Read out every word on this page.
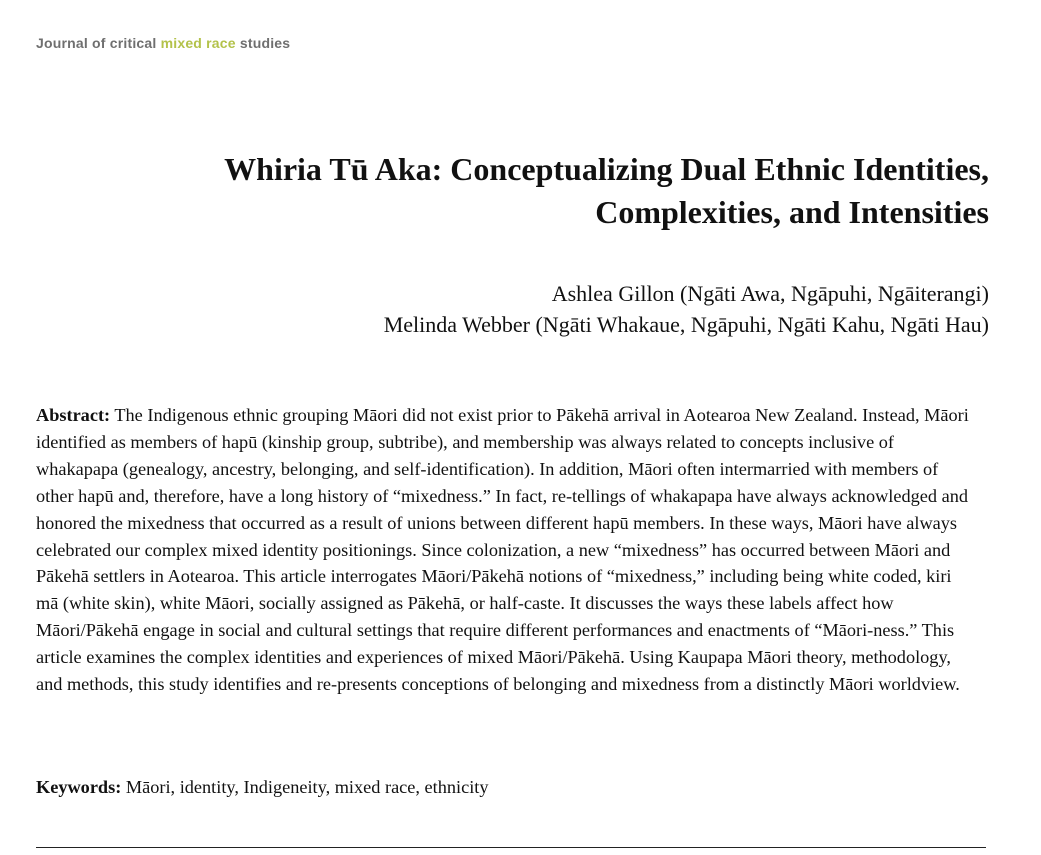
Journal of critical mixed race studies
Whiria Tū Aka: Conceptualizing Dual Ethnic Identities,
Complexities, and Intensities
Ashlea Gillon (Ngāti Awa, Ngāpuhi, Ngāiterangi)
Melinda Webber (Ngāti Whakaue, Ngāpuhi, Ngāti Kahu, Ngāti Hau)

Abstract: The Indigenous ethnic grouping Māori did not exist prior to Pākehā arrival in Aotearoa New Zealand. Instead, Māori identified as members of hapū (kinship group, subtribe), and membership was always related to concepts inclusive of whakapapa (genealogy, ancestry, belonging, and self-identification). In addition, Māori often intermarried with members of other hapū and, therefore, have a long history of “mixedness.” In fact, re-tellings of whakapapa have always acknowledged and honored the mixedness that occurred as a result of unions between different hapū members. In these ways, Māori have always celebrated our complex mixed identity positionings. Since colonization, a new “mixedness” has occurred between Māori and Pākehā settlers in Aotearoa. This article interrogates Māori/Pākehā notions of “mixedness,” including being white coded, kiri mā (white skin), white Māori, socially assigned as Pākehā, or half-caste. It discusses the ways these labels affect how Māori/Pākehā engage in social and cultural settings that require different performances and enactments of “Māori-ness.” This article examines the complex identities and experiences of mixed Māori/Pākehā. Using Kaupapa Māori theory, methodology, and methods, this study identifies and re-presents conceptions of belonging and mixedness from a distinctly Māori worldview.

Keywords: Māori, identity, Indigeneity, mixed race, ethnicity
